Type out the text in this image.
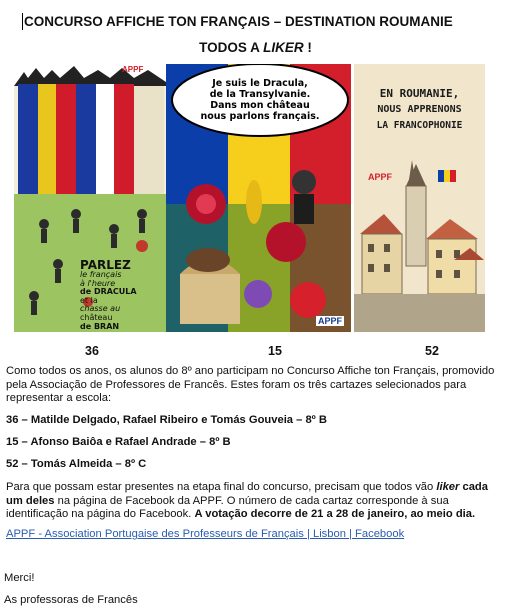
CONCURSO AFFICHE TON FRANÇAIS – DESTINATION ROUMANIE
TODOS A LIKER !
PARLEZ
le français
à l'heure
de DRACULA
et la
chasse au
château
de BRAN
APPF
Je suis le Dracula,
de la Transylvanie.
Dans mon château
nous parlons français.
APPF
EN ROUMANIE,
NOUS APPRENONS
LA FRANCOPHONIE
APPF
36	15	52
Como todos os anos, os alunos do 8º ano participam no Concurso Affiche ton Français, promovido pela Associação de Professores de Francês. Estes foram os três cartazes selecionados para representar a escola:
36 – Matilde Delgado, Rafael Ribeiro e Tomás Gouveia – 8º B
15 – Afonso Baiôa e Rafael Andrade – 8º B
52 – Tomás Almeida – 8º C
Para que possam estar presentes na etapa final do concurso, precisam que todos vão liker cada um deles na página de Facebook da APPF. O número de cada cartaz corresponde à sua identificação na página do Facebook. A votação decorre de 21 a 28 de janeiro, ao meio dia.
APPF - Association Portugaise des Professeurs de Français | Lisbon | Facebook
Merci!
As professoras de Francês
